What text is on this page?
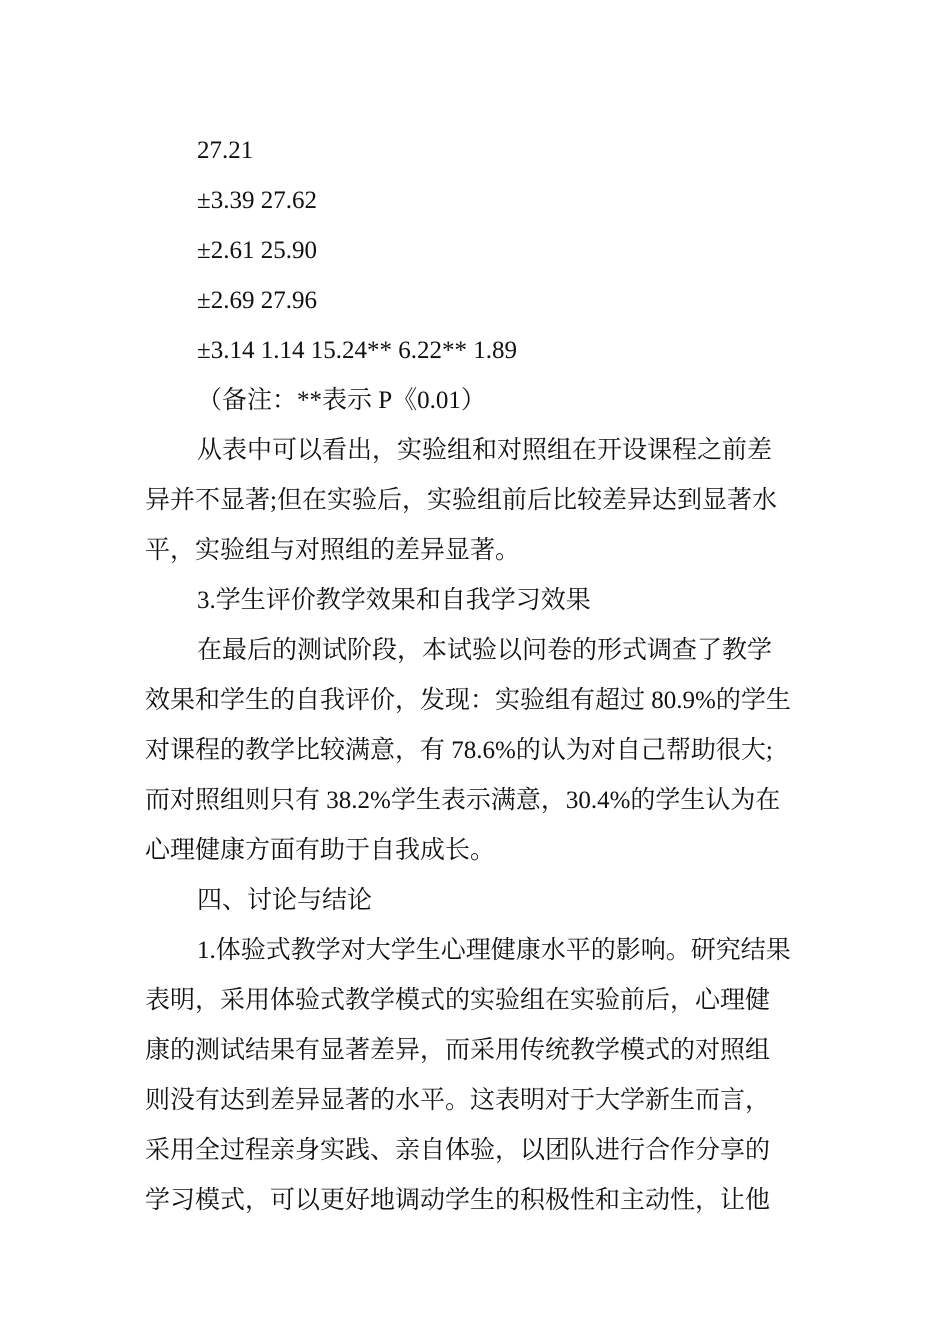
27.21
±3.39 27.62
±2.61 25.90
±2.69 27.96
±3.14 1.14 15.24** 6.22** 1.89
（备注：**表示 P《0.01）
从表中可以看出，实验组和对照组在开设课程之前差
异并不显著;但在实验后，实验组前后比较差异达到显著水
平，实验组与对照组的差异显著。
3.学生评价教学效果和自我学习效果
在最后的测试阶段，本试验以问卷的形式调查了教学
效果和学生的自我评价，发现：实验组有超过 80.9%的学生
对课程的教学比较满意，有 78.6%的认为对自己帮助很大;
而对照组则只有 38.2%学生表示满意，30.4%的学生认为在
心理健康方面有助于自我成长。
四、讨论与结论
1.体验式教学对大学生心理健康水平的影响。研究结果
表明，采用体验式教学模式的实验组在实验前后，心理健
康的测试结果有显著差异，而采用传统教学模式的对照组
则没有达到差异显著的水平。这表明对于大学新生而言，
采用全过程亲身实践、亲自体验，以团队进行合作分享的
学习模式，可以更好地调动学生的积极性和主动性，让他
